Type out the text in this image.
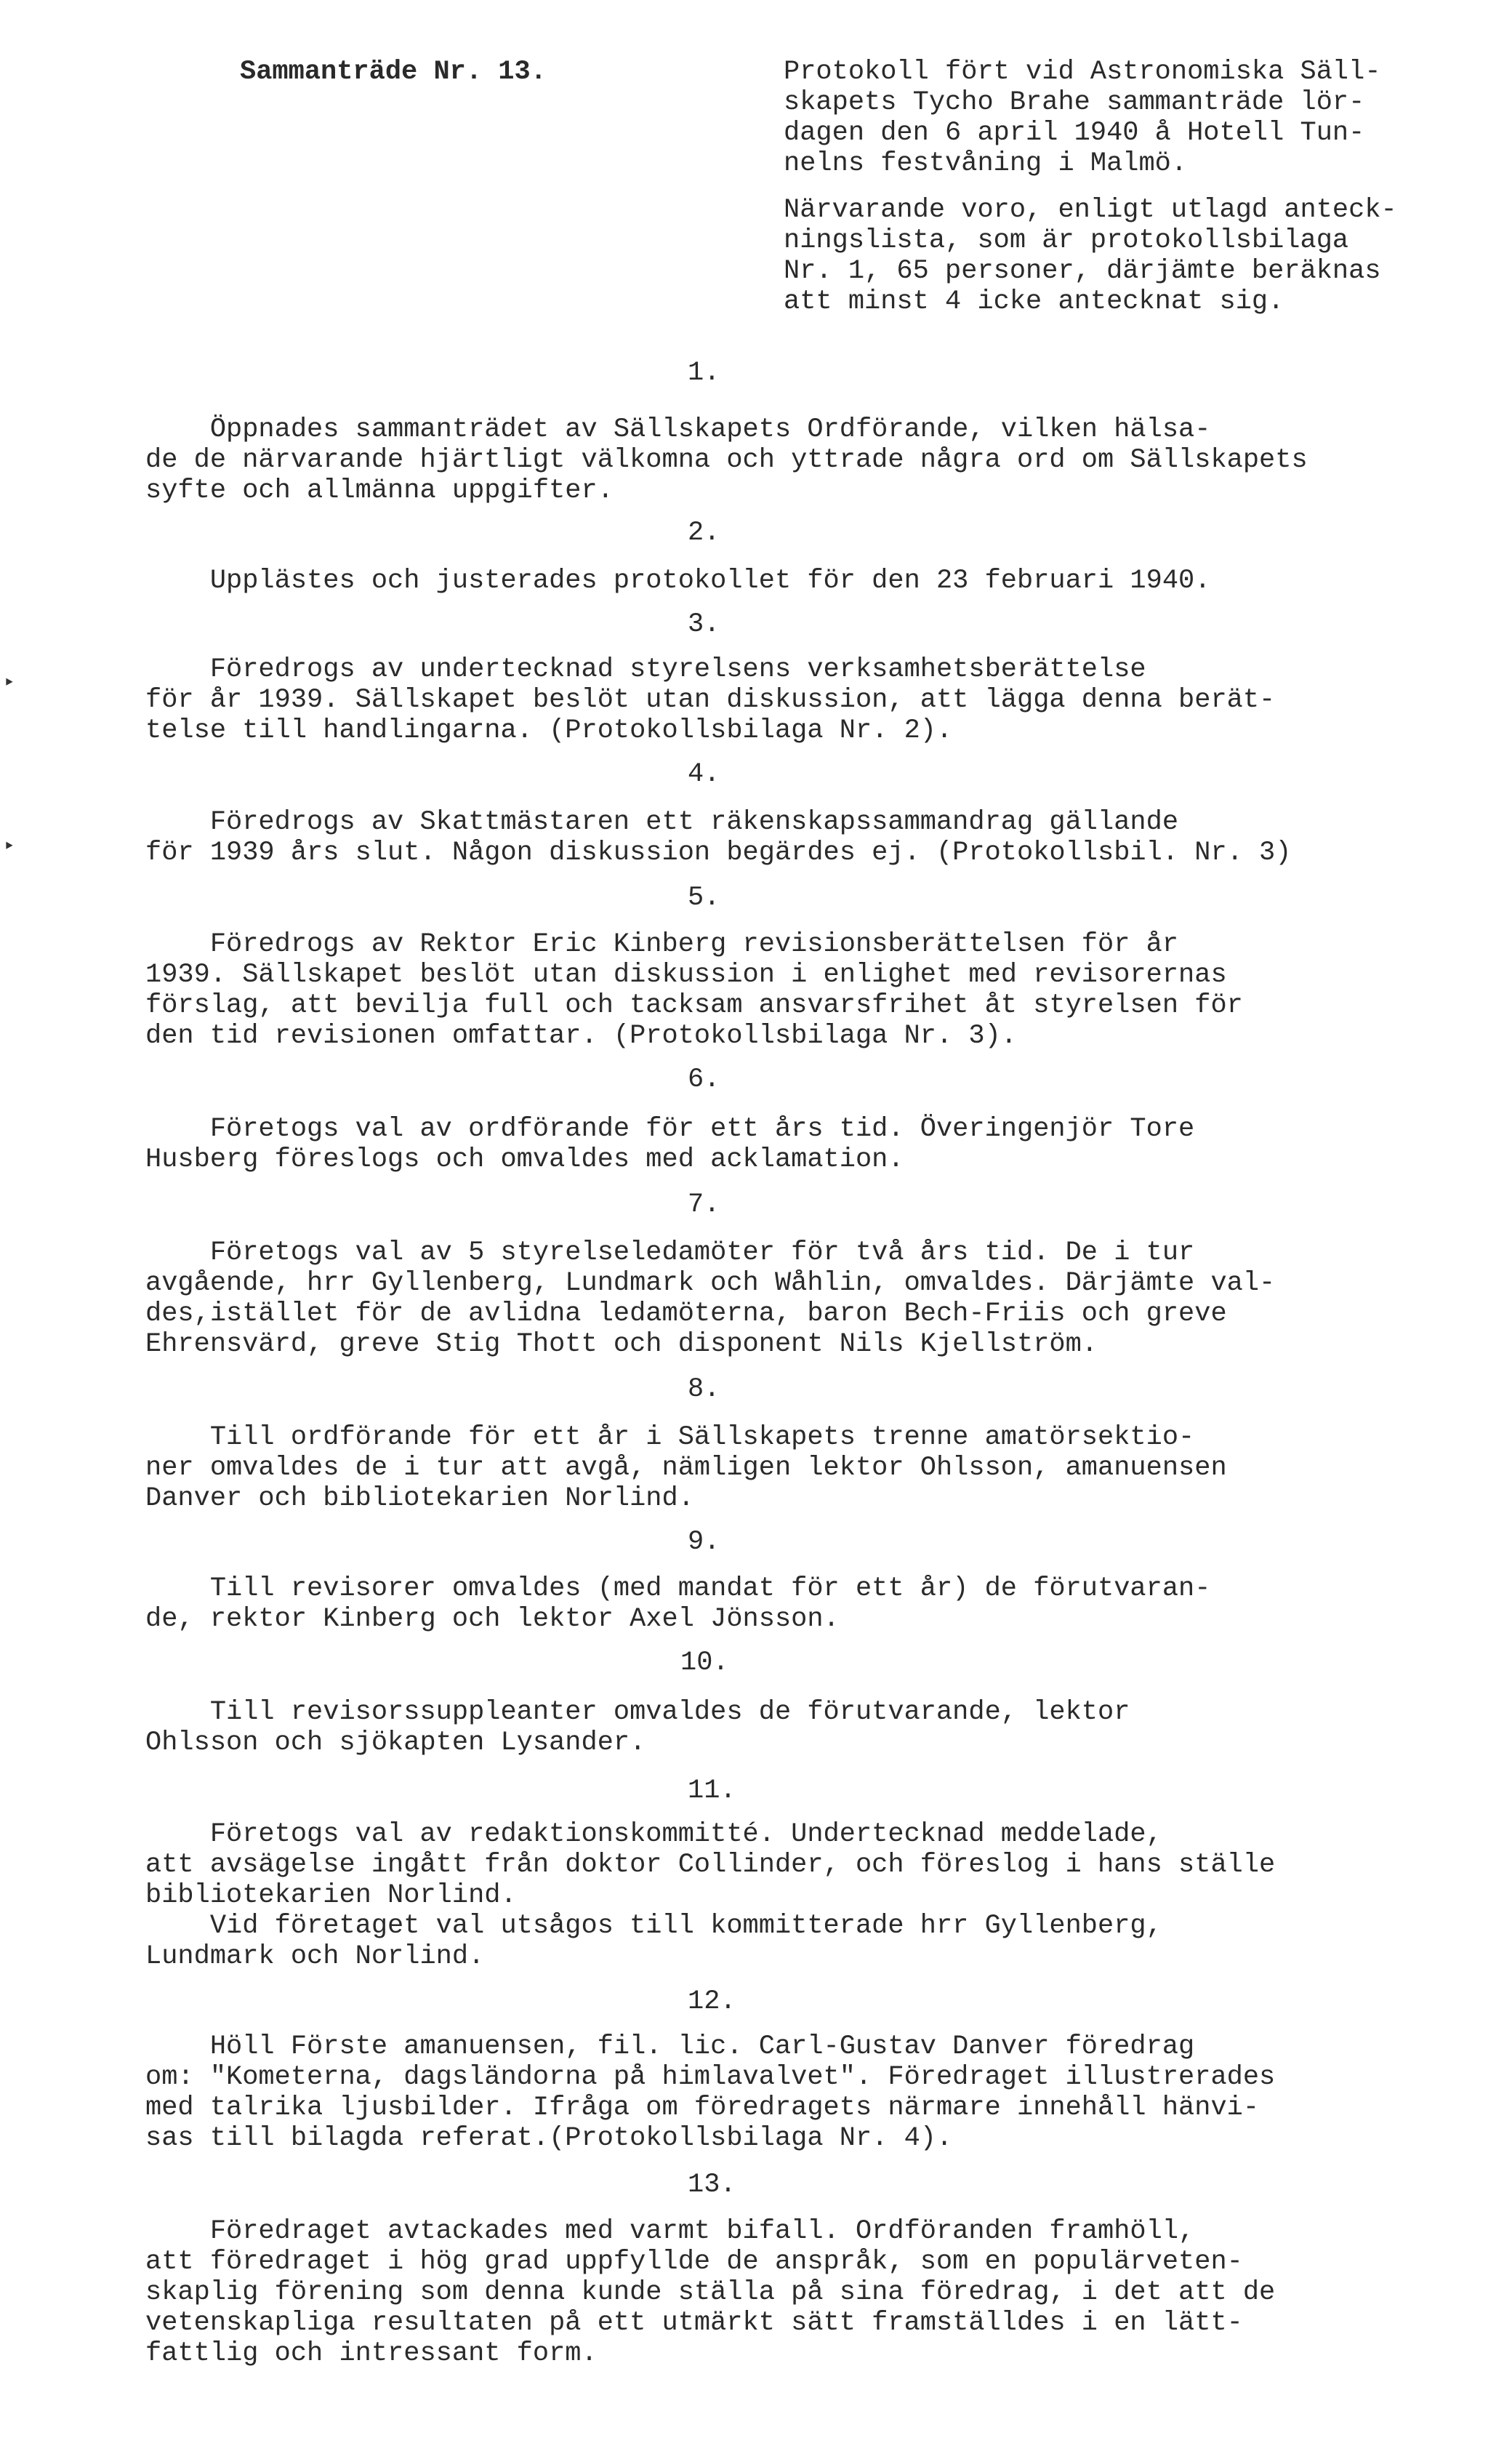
Sammanträde Nr. 13.	Protokoll fört vid Astronomiska Säll-
skapets Tycho Brahe sammanträde lör-
dagen den 6 april 1940 å Hotell Tun-
nelns festvåning i Malmö.
Närvarande voro, enligt utlagd anteck-
ningslista, som är protokollsbilaga
Nr. 1, 65 personer, därjämte beräknas
att minst 4 icke antecknat sig.
1.
Öppnades sammanträdet av Sällskapets Ordförande, vilken hälsa-
de de närvarande hjärtligt välkomna och yttrade några ord om Sällskapets
syfte och allmänna uppgifter.
2.
Upplästes och justerades protokollet för den 23 februari 1940.
3.
Föredrogs av undertecknad styrelsens verksamhetsberättelse
för år 1939. Sällskapet beslöt utan diskussion, att lägga denna berät-
telse till handlingarna. (Protokollsbilaga Nr. 2).
‣
4.
Föredrogs av Skattmästaren ett räkenskapssammandrag gällande
för 1939 års slut. Någon diskussion begärdes ej. (Protokollsbil. Nr. 3)
‣
5.
Föredrogs av Rektor Eric Kinberg revisionsberättelsen för år
1939. Sällskapet beslöt utan diskussion i enlighet med revisorernas
förslag, att bevilja full och tacksam ansvarsfrihet åt styrelsen för
den tid revisionen omfattar. (Protokollsbilaga Nr. 3).
6.
Företogs val av ordförande för ett års tid. Överingenjör Tore
Husberg föreslogs och omvaldes med acklamation.
7.
Företogs val av 5 styrelseledamöter för två års tid. De i tur
avgående, hrr Gyllenberg, Lundmark och Wåhlin, omvaldes. Därjämte val-
des,istället för de avlidna ledamöterna, baron Bech-Friis och greve
Ehrensvärd, greve Stig Thott och disponent Nils Kjellström.
8.
Till ordförande för ett år i Sällskapets trenne amatörsektio-
ner omvaldes de i tur att avgå, nämligen lektor Ohlsson, amanuensen
Danver och bibliotekarien Norlind.
9.
Till revisorer omvaldes (med mandat för ett år) de förutvaran-
de, rektor Kinberg och lektor Axel Jönsson.
10.
Till revisorssuppleanter omvaldes de förutvarande, lektor
Ohlsson och sjökapten Lysander.
11.
Företogs val av redaktionskommitté. Undertecknad meddelade,
att avsägelse ingått från doktor Collinder, och föreslog i hans ställe
bibliotekarien Norlind.
Vid företaget val utsågos till kommitterade hrr Gyllenberg,
Lundmark och Norlind.
12.
Höll Förste amanuensen, fil. lic. Carl-Gustav Danver föredrag
om: "Kometerna, dagsländorna på himlavalvet". Föredraget illustrerades
med talrika ljusbilder. Ifråga om föredragets närmare innehåll hänvi-
sas till bilagda referat.(Protokollsbilaga Nr. 4).
13.
Föredraget avtackades med varmt bifall. Ordföranden framhöll,
att föredraget i hög grad uppfyllde de anspråk, som en populärveten-
skaplig förening som denna kunde ställa på sina föredrag, i det att de
vetenskapliga resultaten på ett utmärkt sätt framställdes i en lätt-
fattlig och intressant form.
